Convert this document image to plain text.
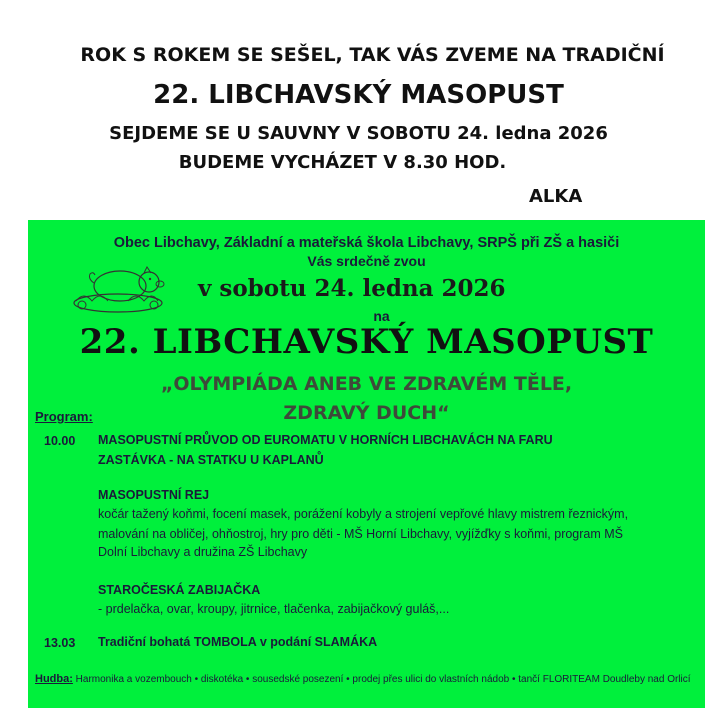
ROK S ROKEM SE SEŠEL, TAK VÁS ZVEME NA TRADIČNÍ
22. LIBCHAVSKÝ MASOPUST
SEJDEME SE U SAUVNY V SOBOTU 24. ledna 2026
BUDEME VYCHÁZET V 8.30 HOD.
ALKA
Obec Libchavy, Základní a mateřská škola Libchavy, SRPŠ při ZŠ a hasiči
Vás srdečně zvou
v sobotu 24. ledna 2026
na
22. LIBCHAVSKÝ MASOPUST
„OLYMPIÁDA ANEB VE ZDRAVÉM TĚLE,
ZDRAVÝ DUCH“
Program:
10.00 MASOPUSTNÍ PRŮVOD OD EUROMATU V HORNÍCH LIBCHAVÁCH NA FARU
ZASTÁVKA - NA STATKU U KAPLANŮ
MASOPUSTNÍ REJ
kočár tažený koňmi, focení masek, porážení kobyly a strojení vepřové hlavy mistrem řeznickým,
malování na obličej, ohňostroj, hry pro děti - MŠ Horní Libchavy, vyjížďky s koňmi, program MŠ
Dolní Libchavy a družina ZŠ Libchavy
STAROČESKÁ ZABIJAČKA
- prdelačka, ovar, kroupy, jitrnice, tlačenka, zabijačkový guláš,...
13.03 Tradiční bohatá TOMBOLA v podání SLAMÁKA
Hudba: Harmonika a vozembouch • diskotéka • sousedské posezení • prodej přes ulici do vlastních nádob • tančí FLORITEAM Doudleby nad Orlicí
